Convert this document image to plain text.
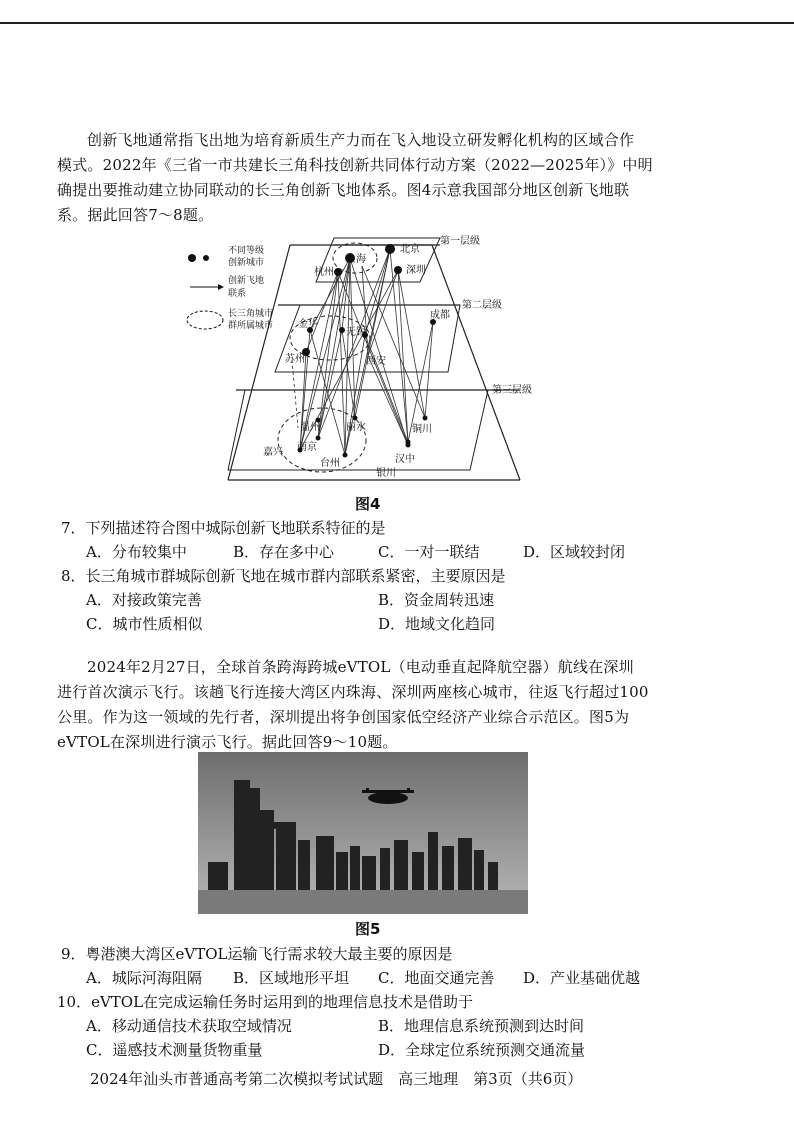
创新飞地通常指飞出地为培育新质生产力而在飞入地设立研发孵化机构的区域合作
模式。2022年《三省一市共建长三角科技创新共同体行动方案（2022—2025年）》中明
确提出要推动建立协同联动的长三角创新飞地体系。图4示意我国部分地区创新飞地联
系。据此回答7～8题。
北京
上海
杭州	深圳
成都
金华
无锡
苏州	西安
温州	丽水	铜川
嘉兴 南京
台州	汉中
银川
第一层级
第二层级
第三层级
不同等级
创新城市
创新飞地
联系
长三角城市
群所属城市
图4
7．下列描述符合图中城际创新飞地联系特征的是
A．分布较集中	B．存在多中心	C．一对一联结	D．区域较封闭
8．长三角城市群城际创新飞地在城市群内部联系紧密，主要原因是
A．对接政策完善	B．资金周转迅速
C．城市性质相似	D．地域文化趋同
2024年2月27日，全球首条跨海跨城eVTOL（电动垂直起降航空器）航线在深圳
进行首次演示飞行。该趟飞行连接大湾区内珠海、深圳两座核心城市，往返飞行超过100
公里。作为这一领域的先行者，深圳提出将争创国家低空经济产业综合示范区。图5为
eVTOL在深圳进行演示飞行。据此回答9～10题。
图5
9．粤港澳大湾区eVTOL运输飞行需求较大最主要的原因是
A．城际河海阻隔 B．区域地形平坦 C．地面交通完善 D．产业基础优越
10．eVTOL在完成运输任务时运用到的地理信息技术是借助于
A．移动通信技术获取空域情况	B．地理信息系统预测到达时间
C．遥感技术测量货物重量	D．全球定位系统预测交通流量
2024年汕头市普通高考第二次模拟考试试题　高三地理　第3页（共6页）
